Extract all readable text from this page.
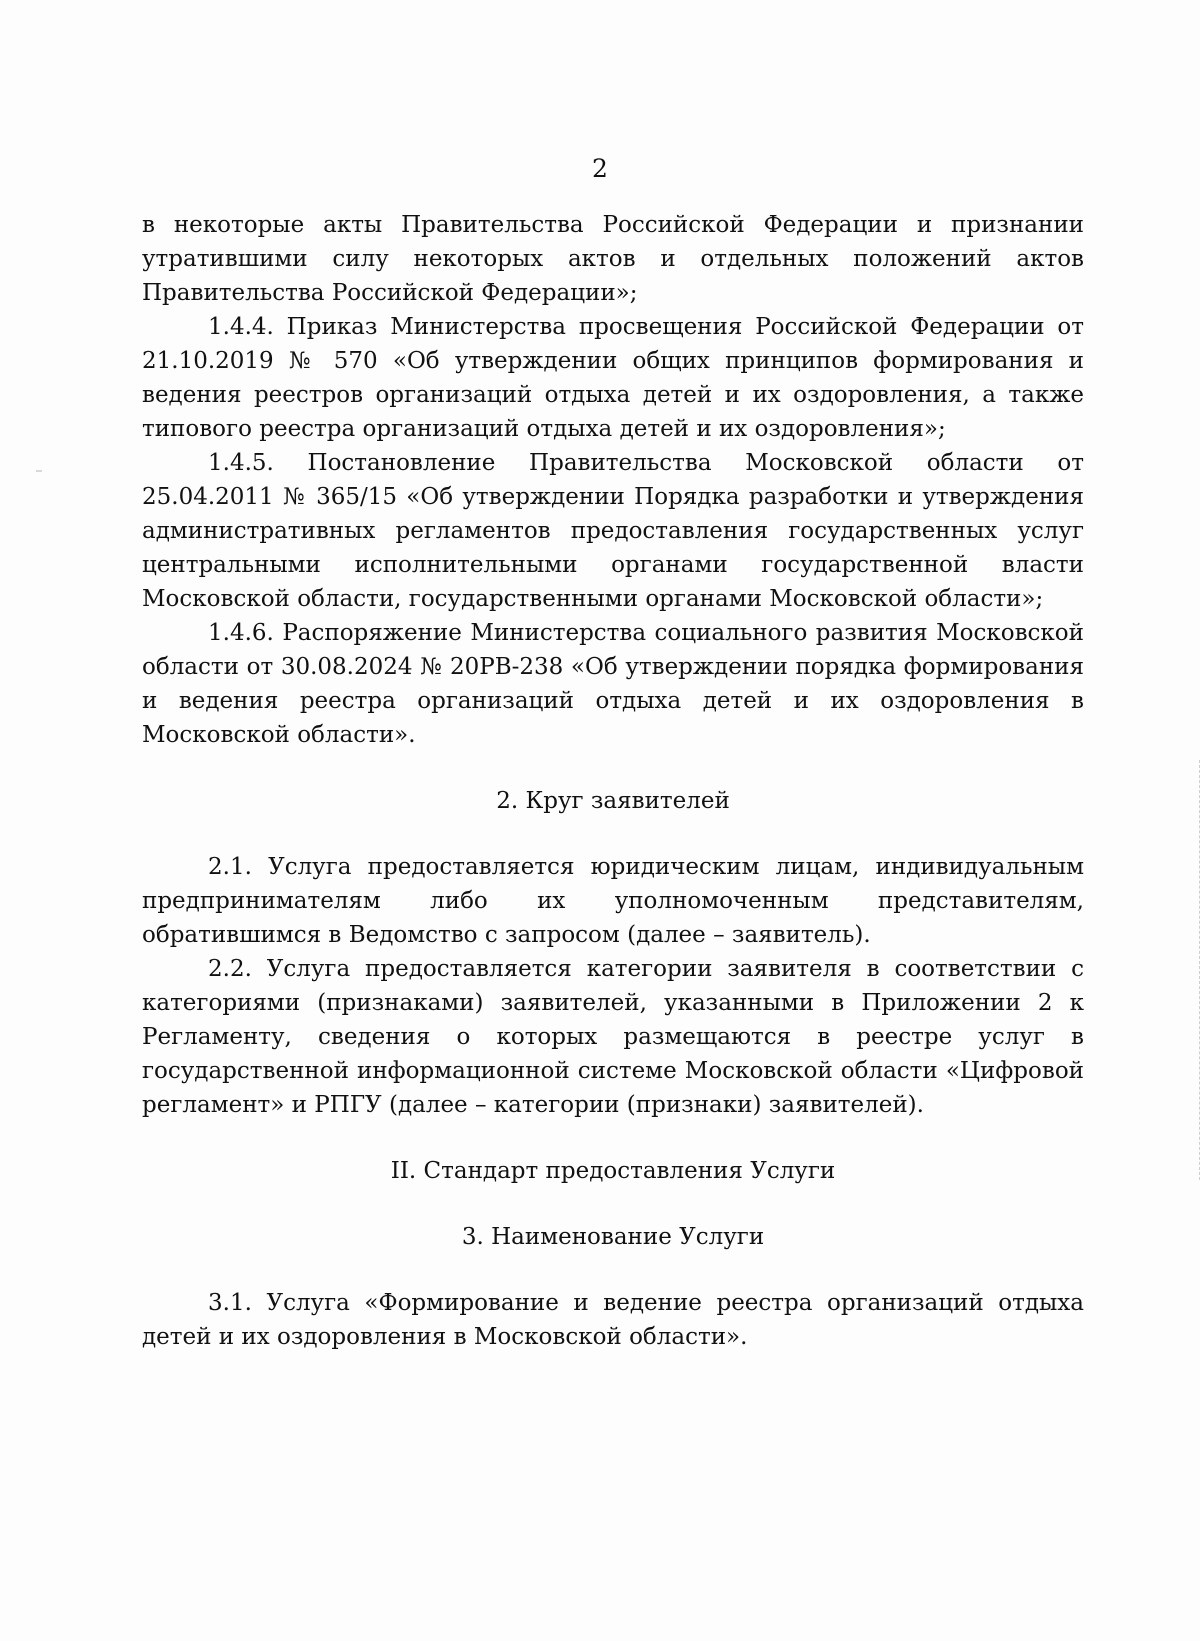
2

в некоторые акты Правительства Российской Федерации и признании утратившими силу некоторых актов и отдельных положений актов Правительства Российской Федерации»;

1.4.4. Приказ Министерства просвещения Российской Федерации от 21.10.2019 № 570 «Об утверждении общих принципов формирования и ведения реестров организаций отдыха детей и их оздоровления, а также типового реестра организаций отдыха детей и их оздоровления»;

1.4.5. Постановление Правительства Московской области от 25.04.2011 № 365/15 «Об утверждении Порядка разработки и утверждения административных регламентов предоставления государственных услуг центральными исполнительными органами государственной власти Московской области, государственными органами Московской области»;

1.4.6. Распоряжение Министерства социального развития Московской области от 30.08.2024 № 20РВ-238 «Об утверждении порядка формирования и ведения реестра организаций отдыха детей и их оздоровления в Московской области».

2. Круг заявителей

2.1. Услуга предоставляется юридическим лицам, индивидуальным предпринимателям либо их уполномоченным представителям, обратившимся в Ведомство с запросом (далее – заявитель).

2.2. Услуга предоставляется категории заявителя в соответствии с категориями (признаками) заявителей, указанными в Приложении 2 к Регламенту, сведения о которых размещаются в реестре услуг в государственной информационной системе Московской области «Цифровой регламент» и РПГУ (далее – категории (признаки) заявителей).

II. Стандарт предоставления Услуги

3. Наименование Услуги

3.1. Услуга «Формирование и ведение реестра организаций отдыха детей и их оздоровления в Московской области».
